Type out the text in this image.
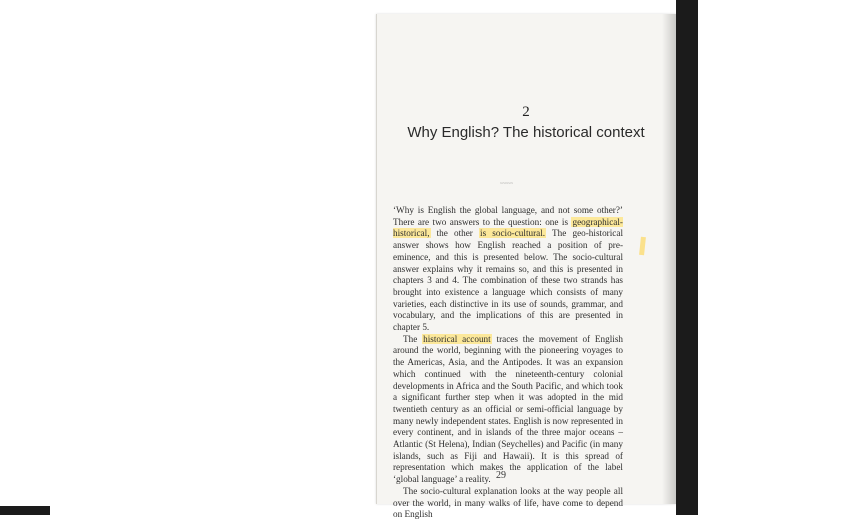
2
Why English? The historical context
~~~~~~~~

‘Why is English the global language, and not some other?’ There are two answers to the question: one is geographical-historical, the other is socio-cultural. The geo-historical answer shows how English reached a position of pre-eminence, and this is presented below. The socio-cultural answer explains why it remains so, and this is presented in chapters 3 and 4. The combination of these two strands has brought into existence a language which consists of many varieties, each distinctive in its use of sounds, grammar, and vocabulary, and the implications of this are presented in chapter 5.

The historical account traces the movement of English around the world, beginning with the pioneering voyages to the Americas, Asia, and the Antipodes. It was an expansion which continued with the nineteenth-century colonial developments in Africa and the South Pacific, and which took a significant further step when it was adopted in the mid twentieth century as an official or semi-official language by many newly independent states. English is now represented in every continent, and in islands of the three major oceans – Atlantic (St Helena), Indian (Seychelles) and Pacific (in many islands, such as Fiji and Hawaii). It is this spread of representation which makes the application of the label ‘global language’ a reality.

The socio-cultural explanation looks at the way people all over the world, in many walks of life, have come to depend on English

29
